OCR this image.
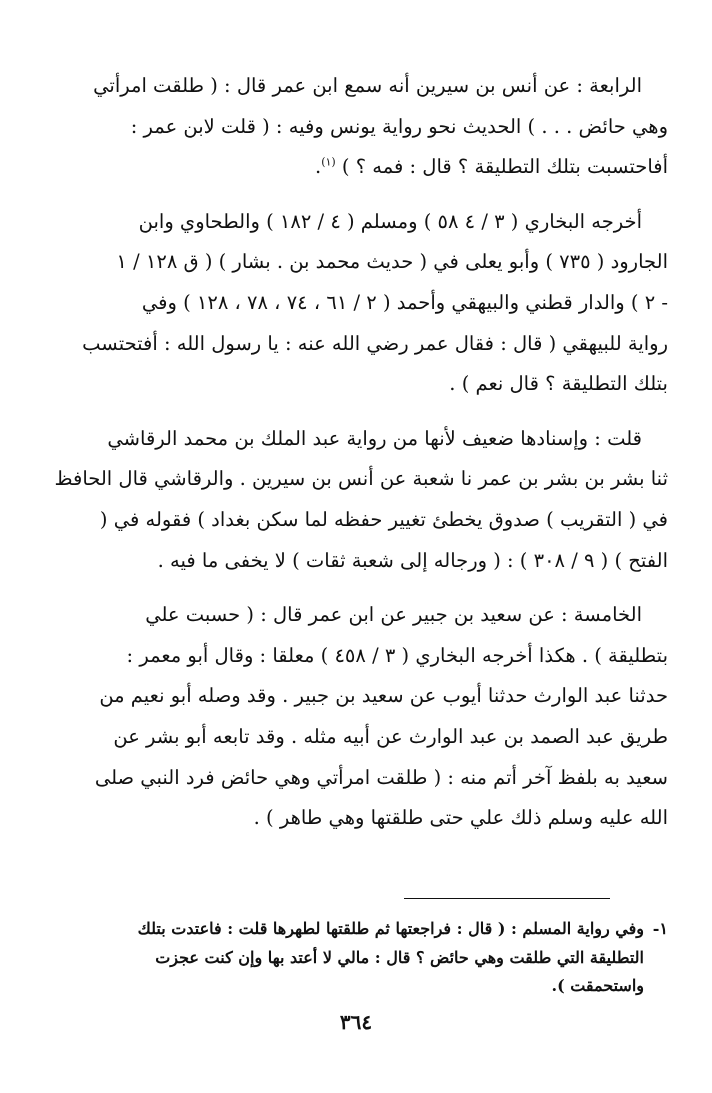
الرابعة : عن أنس بن سيرين أنه سمع ابن عمر قال : ( طلقت امرأتي
وهي حائض . . . ) الحديث نحو رواية يونس وفيه : ( قلت لابن عمر :
أفاحتسبت بتلك التطليقة ؟ قال : فمه ؟ ) $^{(١)}$.

أخرجه البخاري ( ٣ / ٤ ٥٨ ) ومسلم ( ٤ / ١٨٢ ) والطحاوي وابن
الجارود ( ٧٣٥ ) وأبو يعلى في ( حديث محمد بن . بشار ) ( ق ١٢٨ / ١
- ٢ ) والدار قطني والبيهقي وأحمد ( ٢ / ٦١ ، ٧٤ ، ٧٨ ، ١٢٨ ) وفي
رواية للبيهقي ( قال : فقال عمر رضي الله عنه : يا رسول الله : أفتحتسب
بتلك التطليقة ؟ قال نعم ) .

قلت : وإسنادها ضعيف لأنها من رواية عبد الملك بن محمد الرقاشي
ثنا بشر بن بشر بن عمر نا شعبة عن أنس بن سيرين . والرقاشي قال الحافظ
في ( التقريب ) صدوق يخطئ تغيير حفظه لما سكن بغداد ) فقوله في (
الفتح ) ( ٩ / ٣٠٨ ) : ( ورجاله إلى شعبة ثقات ) لا يخفى ما فيه .

الخامسة : عن سعيد بن جبير عن ابن عمر قال : ( حسبت علي
بتطليقة ) . هكذا أخرجه البخاري ( ٣ / ٤٥٨ ) معلقا : وقال أبو معمر :
حدثنا عبد الوارث حدثنا أيوب عن سعيد بن جبير . وقد وصله أبو نعيم من
طريق عبد الصمد بن عبد الوارث عن أبيه مثله . وقد تابعه أبو بشر عن
سعيد به بلفظ آخر أتم منه : ( طلقت امرأتي وهي حائض فرد النبي صلى
الله عليه وسلم ذلك علي حتى طلقتها وهي طاهر ) .

١-
وفي رواية المسلم : ( قال : فراجعتها ثم طلقتها لطهرها قلت : فاعتدت بتلك
التطليقة التي طلقت وهي حائض ؟ قال : مالي لا أعتد بها وإن كنت عجزت
واستحمقت ).

٣٦٤
